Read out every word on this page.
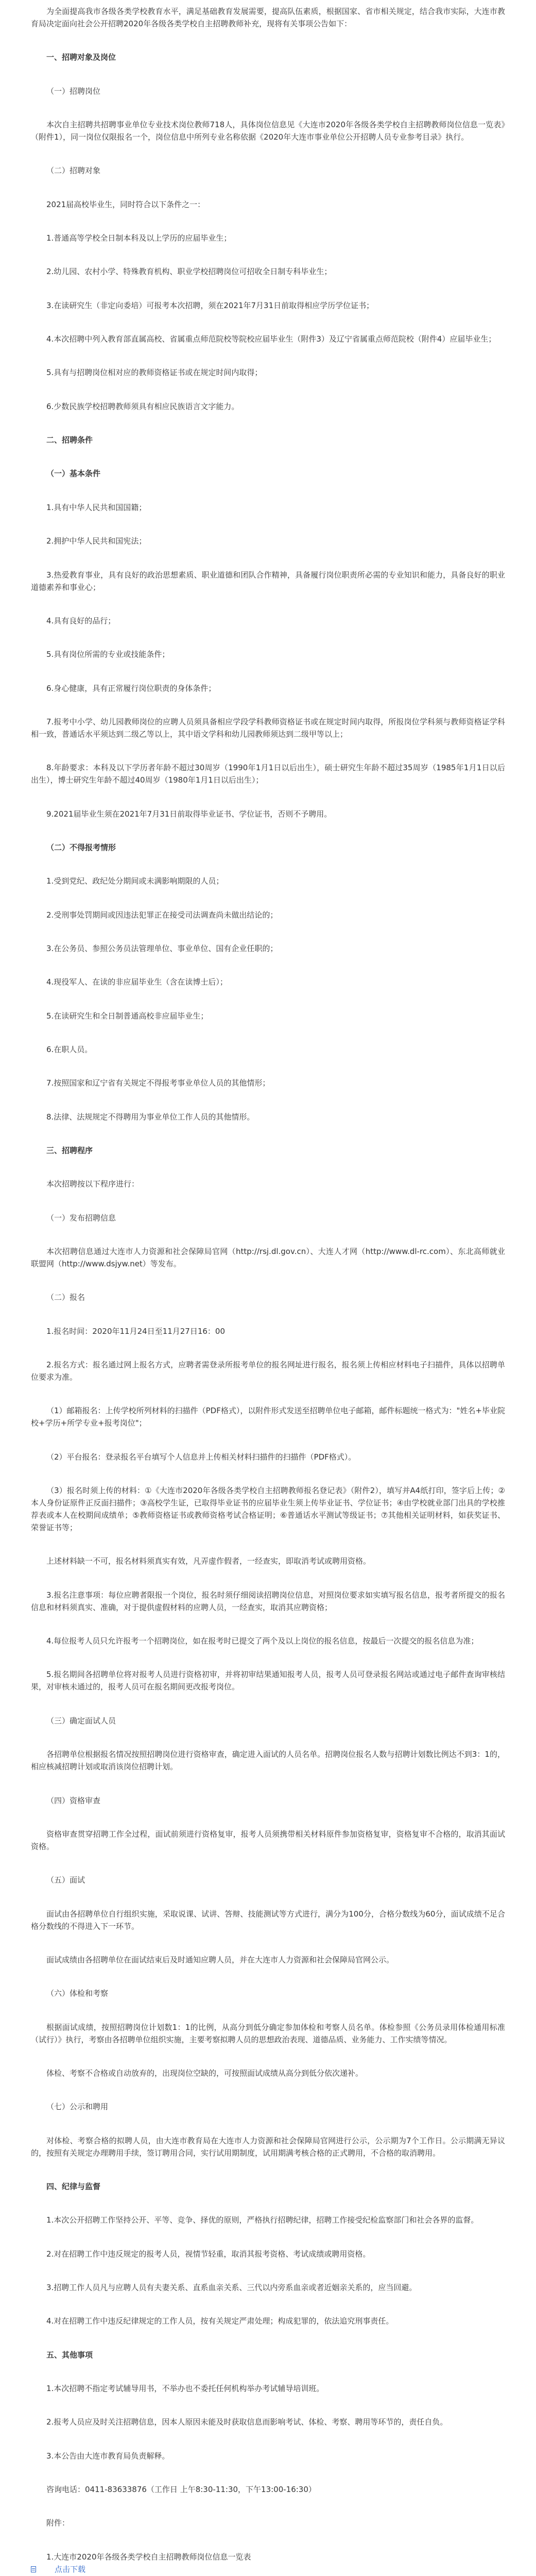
为全面提高我市各级各类学校教育水平，满足基础教育发展需要，提高队伍素质，根据国家、省市相关规定，结合我市实际，大连市教育局决定面向社会公开招聘2020年各级各类学校自主招聘教师补充，现将有关事项公告如下：

一、招聘对象及岗位

（一）招聘岗位

本次自主招聘共招聘事业单位专业技术岗位教师718人，具体岗位信息见《大连市2020年各级各类学校自主招聘教师岗位信息一览表》（附件1），同一岗位仅限报名一个，岗位信息中所列专业名称依据《2020年大连市事业单位公开招聘人员专业参考目录》执行。

（二）招聘对象

2021届高校毕业生，同时符合以下条件之一：

1.普通高等学校全日制本科及以上学历的应届毕业生；

2.幼儿园、农村小学、特殊教育机构、职业学校招聘岗位可招收全日制专科毕业生；

3.在读研究生（非定向委培）可报考本次招聘，须在2021年7月31日前取得相应学历学位证书；

4.本次招聘中列入教育部直属高校、省属重点师范院校等院校应届毕业生（附件3）及辽宁省属重点师范院校（附件4）应届毕业生；

5.具有与招聘岗位相对应的教师资格证书或在规定时间内取得；

6.少数民族学校招聘教师须具有相应民族语言文字能力。

二、招聘条件

（一）基本条件

1.具有中华人民共和国国籍；

2.拥护中华人民共和国宪法；

3.热爱教育事业，具有良好的政治思想素质、职业道德和团队合作精神，具备履行岗位职责所必需的专业知识和能力，具备良好的职业道德素养和事业心；

4.具有良好的品行；

5.具有岗位所需的专业或技能条件；

6.身心健康，具有正常履行岗位职责的身体条件；

7.报考中小学、幼儿园教师岗位的应聘人员须具备相应学段学科教师资格证书或在规定时间内取得，所报岗位学科须与教师资格证学科相一致，普通话水平须达到二级乙等以上，其中语文学科和幼儿园教师须达到二级甲等以上；

8.年龄要求：本科及以下学历者年龄不超过30周岁（1990年1月1日以后出生），硕士研究生年龄不超过35周岁（1985年1月1日以后出生），博士研究生年龄不超过40周岁（1980年1月1日以后出生）；

9.2021届毕业生须在2021年7月31日前取得毕业证书、学位证书，否则不予聘用。

（二）不得报考情形

1.受到党纪、政纪处分期间或未满影响期限的人员；

2.受刑事处罚期间或因违法犯罪正在接受司法调查尚未做出结论的；

3.在公务员、参照公务员法管理单位、事业单位、国有企业任职的；

4.现役军人、在读的非应届毕业生（含在读博士后）；

5.在读研究生和全日制普通高校非应届毕业生；

6.在职人员。

7.按照国家和辽宁省有关规定不得报考事业单位人员的其他情形；

8.法律、法规规定不得聘用为事业单位工作人员的其他情形。

三、招聘程序

本次招聘按以下程序进行：

（一）发布招聘信息

本次招聘信息通过大连市人力资源和社会保障局官网（http://rsj.dl.gov.cn）、大连人才网（http://www.dl-rc.com）、东北高师就业联盟网（http://www.dsjyw.net）等发布。

（二）报名

1.报名时间：2020年11月24日至11月27日16：00

2.报名方式：报名通过网上报名方式，应聘者需登录所报考单位的报名网址进行报名，报名须上传相应材料电子扫描件，具体以招聘单位要求为准。

（1）邮箱报名：上传学校所列材料的扫描件（PDF格式），以附件形式发送至招聘单位电子邮箱，邮件标题统一格式为："姓名+毕业院校+学历+所学专业+报考岗位"；

（2）平台报名：登录报名平台填写个人信息并上传相关材料扫描件的扫描件（PDF格式）。

（3）报名时须上传的材料：①《大连市2020年各级各类学校自主招聘教师报名登记表》（附件2），填写并A4纸打印，签字后上传；②本人身份证原件正反面扫描件；③高校学生证，已取得毕业证书的应届毕业生须上传毕业证书、学位证书；④由学校就业部门出具的学校推荐表或本人在校期间成绩单；⑤教师资格证书或教师资格考试合格证明；⑥普通话水平测试等级证书；⑦其他相关证明材料，如获奖证书、荣誉证书等；

上述材料缺一不可，报名材料须真实有效，凡弄虚作假者，一经查实，即取消考试或聘用资格。

3.报名注意事项：每位应聘者限报一个岗位，报名时须仔细阅读招聘岗位信息，对照岗位要求如实填写报名信息，报考者所提交的报名信息和材料须真实、准确，对于提供虚假材料的应聘人员，一经查实，取消其应聘资格；

4.每位报考人员只允许报考一个招聘岗位，如在报考时已提交了两个及以上岗位的报名信息，按最后一次提交的报名信息为准；

5.报名期间各招聘单位将对报考人员进行资格初审，并将初审结果通知报考人员，报考人员可登录报名网站或通过电子邮件查询审核结果，对审核未通过的，报考人员可在报名期间更改报考岗位。

（三）确定面试人员

各招聘单位根据报名情况按照招聘岗位进行资格审查，确定进入面试的人员名单。招聘岗位报名人数与招聘计划数比例达不到3：1的，相应核减招聘计划或取消该岗位招聘计划。

（四）资格审查

资格审查贯穿招聘工作全过程，面试前须进行资格复审，报考人员须携带相关材料原件参加资格复审，资格复审不合格的，取消其面试资格。

（五）面试

面试由各招聘单位自行组织实施，采取说课、试讲、答辩、技能测试等方式进行，满分为100分，合格分数线为60分，面试成绩不足合格分数线的不得进入下一环节。

面试成绩由各招聘单位在面试结束后及时通知应聘人员，并在大连市人力资源和社会保障局官网公示。

（六）体检和考察

根据面试成绩，按照招聘岗位计划数1：1的比例，从高分到低分确定参加体检和考察人员名单。体检参照《公务员录用体检通用标准（试行）》执行，考察由各招聘单位组织实施，主要考察拟聘人员的思想政治表现、道德品质、业务能力、工作实绩等情况。

体检、考察不合格或自动放弃的，出现岗位空缺的，可按照面试成绩从高分到低分依次递补。

（七）公示和聘用

对体检、考察合格的拟聘人员，由大连市教育局在大连市人力资源和社会保障局官网进行公示，公示期为7个工作日。公示期满无异议的，按照有关规定办理聘用手续，签订聘用合同，实行试用期制度，试用期满考核合格的正式聘用，不合格的取消聘用。

四、纪律与监督

1.本次公开招聘工作坚持公开、平等、竞争、择优的原则，严格执行招聘纪律，招聘工作接受纪检监察部门和社会各界的监督。

2.对在招聘工作中违反规定的报考人员，视情节轻重，取消其报考资格、考试成绩或聘用资格。

3.招聘工作人员凡与应聘人员有夫妻关系、直系血亲关系、三代以内旁系血亲或者近姻亲关系的，应当回避。

4.对在招聘工作中违反纪律规定的工作人员，按有关规定严肃处理；构成犯罪的，依法追究刑事责任。

五、其他事项

1.本次招聘不指定考试辅导用书，不举办也不委托任何机构举办考试辅导培训班。

2.报考人员应及时关注招聘信息，因本人原因未能及时获取信息而影响考试、体检、考察、聘用等环节的，责任自负。

3.本公告由大连市教育局负责解释。

咨询电话：0411-83633876（工作日 上午8:30-11:30，下午13:00-16:30）

附件：

1.大连市2020年各级各类学校自主招聘教师岗位信息一览表

点击下载
